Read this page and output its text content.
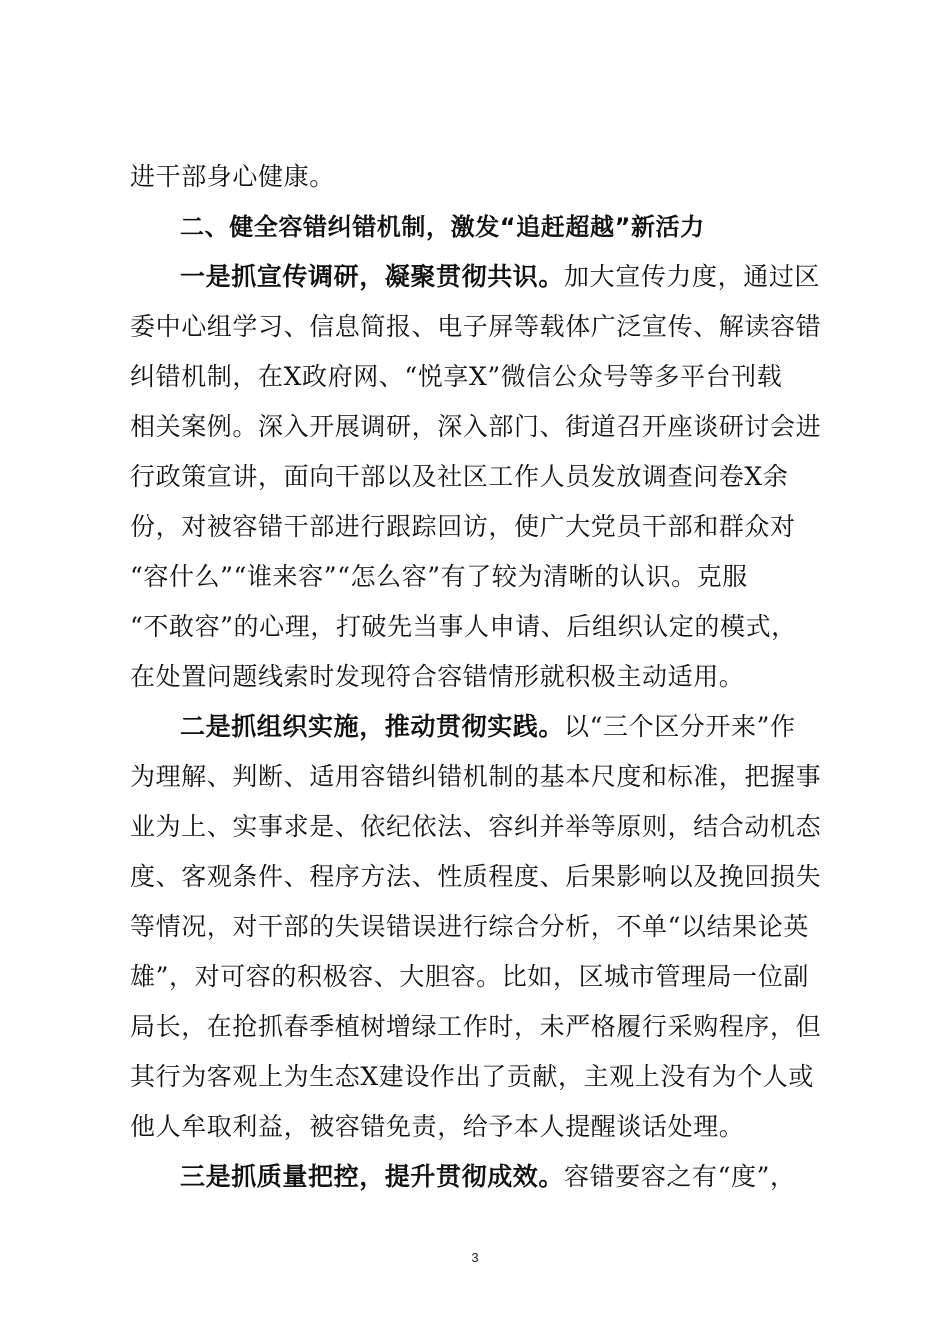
进干部身心健康。
二、健全容错纠错机制，激发“追赶超越”新活力
一是抓宣传调研，凝聚贯彻共识。加大宣传力度，通过区
委中心组学习、信息简报、电子屏等载体广泛宣传、解读容错
纠错机制，在X政府网、“悦享X”微信公众号等多平台刊载
相关案例。深入开展调研，深入部门、街道召开座谈研讨会进
行政策宣讲，面向干部以及社区工作人员发放调查问卷X余
份，对被容错干部进行跟踪回访，使广大党员干部和群众对
“容什么”“谁来容”“怎么容”有了较为清晰的认识。克服
“不敢容”的心理，打破先当事人申请、后组织认定的模式，
在处置问题线索时发现符合容错情形就积极主动适用。
二是抓组织实施，推动贯彻实践。以“三个区分开来”作
为理解、判断、适用容错纠错机制的基本尺度和标准，把握事
业为上、实事求是、依纪依法、容纠并举等原则，结合动机态
度、客观条件、程序方法、性质程度、后果影响以及挽回损失
等情况，对干部的失误错误进行综合分析，不单“以结果论英
雄”，对可容的积极容、大胆容。比如，区城市管理局一位副
局长，在抢抓春季植树增绿工作时，未严格履行采购程序，但
其行为客观上为生态X建设作出了贡献，主观上没有为个人或
他人牟取利益，被容错免责，给予本人提醒谈话处理。
三是抓质量把控，提升贯彻成效。容错要容之有“度”，
3
